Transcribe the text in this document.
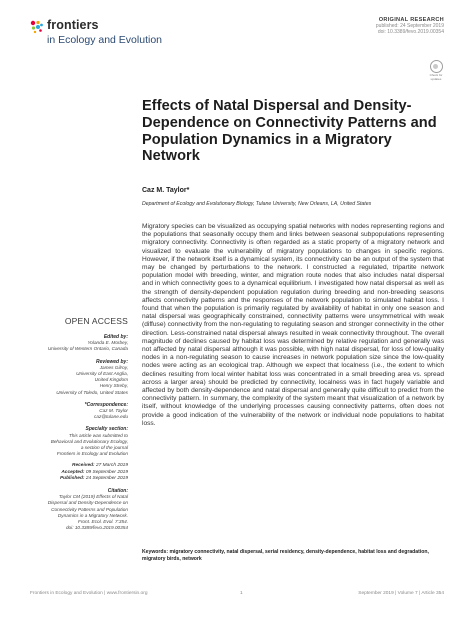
frontiers
in Ecology and Evolution
ORIGINAL RESEARCH
published: 24 September 2019
doi: 10.3389/fevo.2019.00354
Check for updates
Effects of Natal Dispersal and Density-Dependence on Connectivity Patterns and Population Dynamics in a Migratory Network
Caz M. Taylor*
Department of Ecology and Evolutionary Biology, Tulane University, New Orleans, LA, United States

Migratory species can be visualized as occupying spatial networks with nodes representing regions and the populations that seasonally occupy them and links between seasonal subpopulations representing migratory connectivity. Connectivity is often regarded as a static property of a migratory network and visualized to evaluate the vulnerability of migratory populations to changes in specific regions. However, if the network itself is a dynamical system, its connectivity can be an output of the system that may be changed by perturbations to the network. I constructed a regulated, tripartite network population model with breeding, winter, and migration route nodes that also includes natal dispersal and in which connectivity goes to a dynamical equilibrium. I investigated how natal dispersal as well as the strength of density-dependent population regulation during breeding and non-breeding seasons affects connectivity patterns and the responses of the network population to simulated habitat loss. I found that when the population is primarily regulated by availability of habitat in only one season and natal dispersal was geographically constrained, connectivity patterns were unsymmetrical with weak (diffuse) connectivity from the non-regulating to regulating season and stronger connectivity in the other direction. Less-constrained natal dispersal always resulted in weak connectivity throughout. The overall magnitude of declines caused by habitat loss was determined by relative regulation and generally was not affected by natal dispersal although it was possible, with high natal dispersal, for loss of low-quality nodes in a non-regulating season to cause increases in network population size since the low-quality nodes were acting as an ecological trap. Although we expect that localness (i.e., the extent to which declines resulting from local winter habitat loss was concentrated in a small breeding area vs. spread across a larger area) should be predicted by connectivity, localness was in fact hugely variable and affected by both density-dependence and natal dispersal and generally quite difficult to predict from the connectivity pattern. In summary, the complexity of the system meant that visualization of a network by itself, without knowledge of the underlying processes causing connectivity patterns, often does not provide a good indication of the vulnerability of the network or individual node populations to habitat loss.

Keywords: migratory connectivity, natal dispersal, serial residency, density-dependence, habitat loss and degradation, migratory birds, network
OPEN ACCESS
Edited by:
Yolanda E. Morbey,
University of Western Ontario, Canada
Reviewed by:
James Gilroy,
University of East Anglia,
United Kingdom
Henry Streby,
University of Toledo, United States
*Correspondence:
Caz M. Taylor
caz@tulane.edu
Specialty section:
This article was submitted to
Behavioral and Evolutionary Ecology,
a section of the journal
Frontiers in Ecology and Evolution
Received: 27 March 2019
Accepted: 09 September 2019
Published: 24 September 2019
Citation:
Taylor CM (2019) Effects of Natal
Dispersal and Density-Dependence on
Connectivity Patterns and Population
Dynamics in a Migratory Network.
Front. Ecol. Evol. 7:354.
doi: 10.3389/fevo.2019.00354
Frontiers in Ecology and Evolution | www.frontiersin.org	1	September 2019 | Volume 7 | Article 354
